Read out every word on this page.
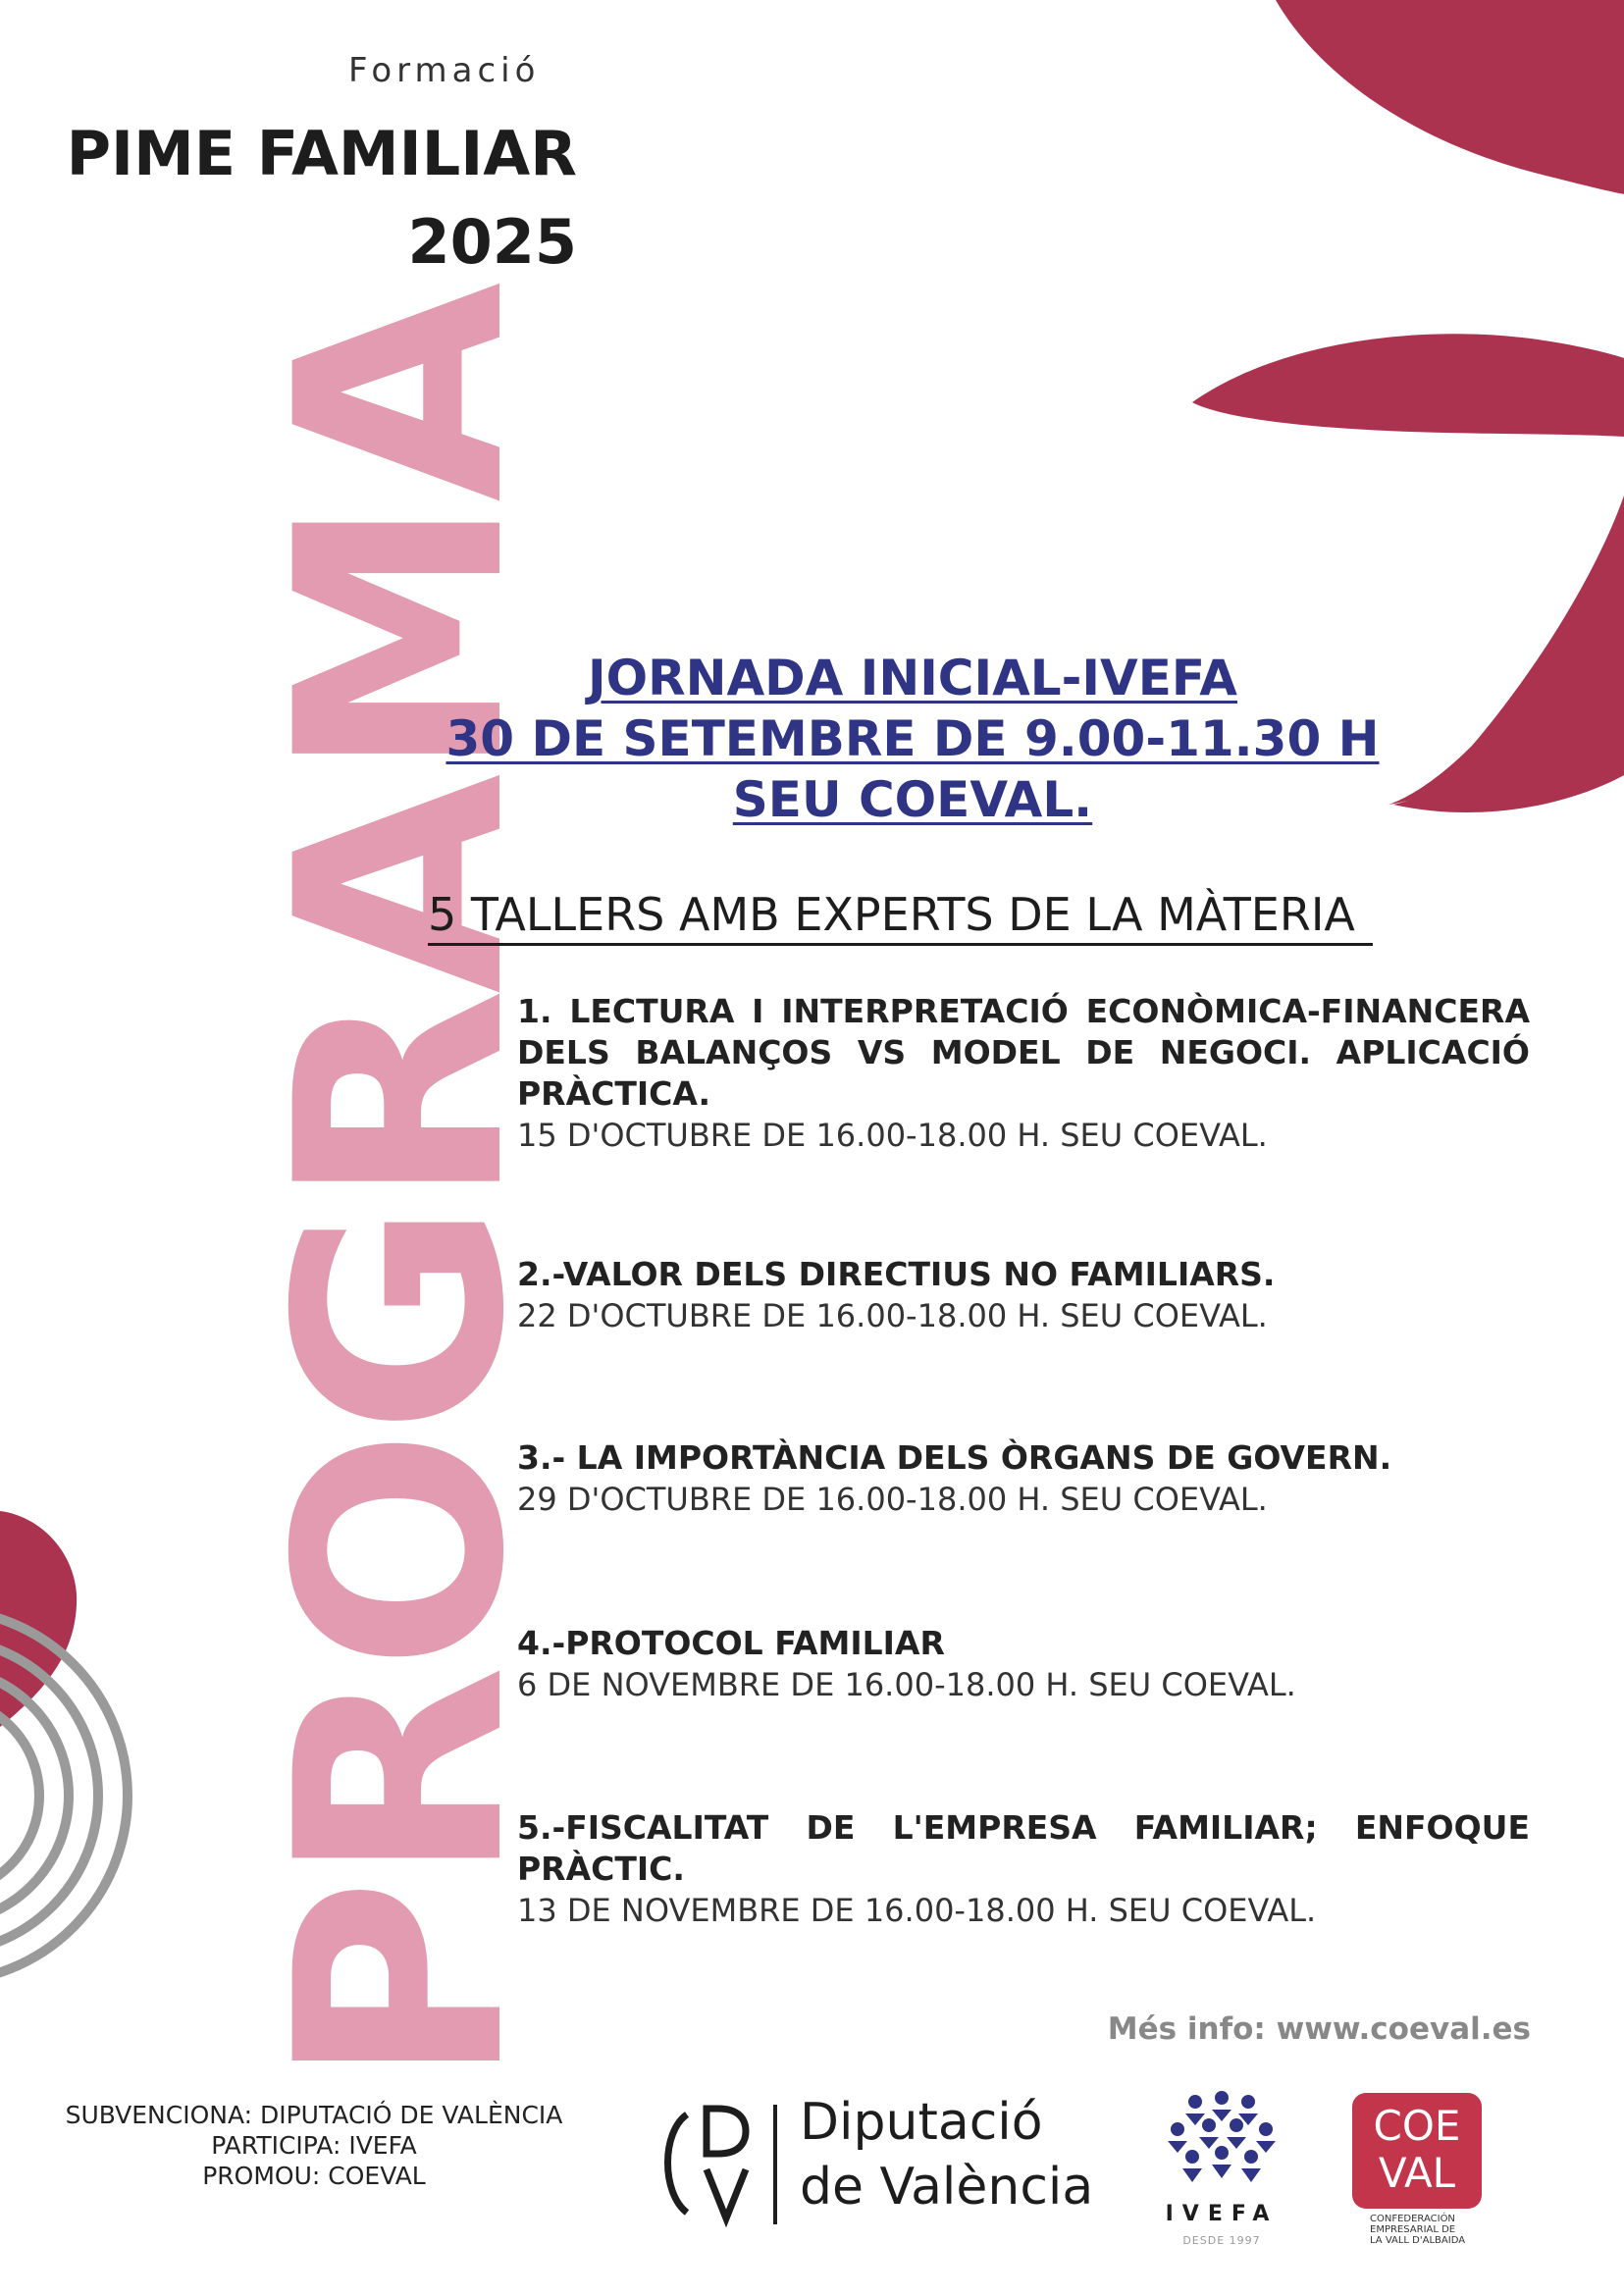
Formació
PIME FAMILIAR
2025
PROGRAMA JORNADA INICIAL-IVEFA
30 DE SETEMBRE DE 9.00-11.30 H
SEU COEVAL.
5 TALLERS AMB EXPERTS DE LA MÀTERIA
1. LECTURA I INTERPRETACIÓ ECONÒMICA-FINANCERA DELS BALANÇOS VS MODEL DE NEGOCI. APLICACIÓ PRÀCTICA.
15 D'OCTUBRE DE 16.00-18.00 H. SEU COEVAL.
2.-VALOR DELS DIRECTIUS NO FAMILIARS.
22 D'OCTUBRE DE 16.00-18.00 H. SEU COEVAL.
3.- LA IMPORTÀNCIA DELS ÒRGANS DE GOVERN.
29 D'OCTUBRE DE 16.00-18.00 H. SEU COEVAL.
4.-PROTOCOL FAMILIAR
6 DE NOVEMBRE DE 16.00-18.00 H. SEU COEVAL.
5.-FISCALITAT DE L'EMPRESA FAMILIAR; ENFOQUE PRÀCTIC.
13 DE NOVEMBRE DE 16.00-18.00 H. SEU COEVAL.
Més info: www.coeval.es
SUBVENCIONA: DIPUTACIÓ DE VALÈNCIA
PARTICIPA: IVEFA
PROMOU: COEVAL
Diputació
de València	IVEFA
DESDE 1997
COE
VAL
CONFEDERACIÓN
EMPRESARIAL DE
LA VALL D'ALBAIDA
